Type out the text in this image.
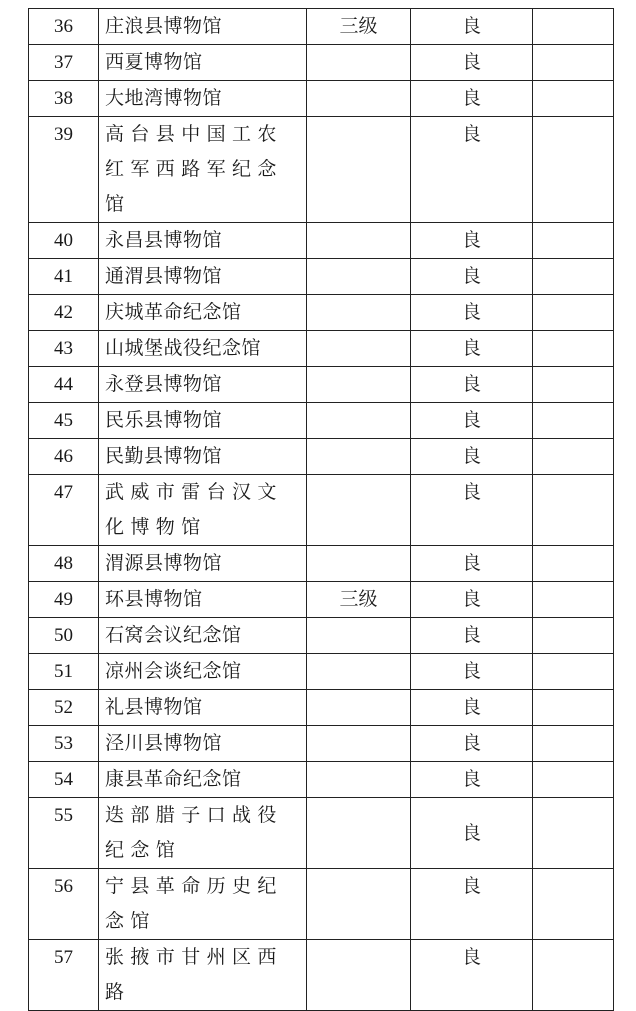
36	庄浪县博物馆	三级	良	
37	西夏博物馆		良	
38	大地湾博物馆		良	
39	高台县中国工农红军西路军纪念馆		良	
40	永昌县博物馆		良	
41	通渭县博物馆		良	
42	庆城革命纪念馆		良	
43	山城堡战役纪念馆		良	
44	永登县博物馆		良	
45	民乐县博物馆		良	
46	民勤县博物馆		良	
47	武威市雷台汉文化博物馆		良	
48	渭源县博物馆		良	
49	环县博物馆	三级	良	
50	石窝会议纪念馆		良	
51	凉州会谈纪念馆		良	
52	礼县博物馆		良	
53	泾川县博物馆		良	
54	康县革命纪念馆		良	
55	迭部腊子口战役纪念馆		良	
56	宁县革命历史纪念馆		良	
57	张掖市甘州区西路		良	
